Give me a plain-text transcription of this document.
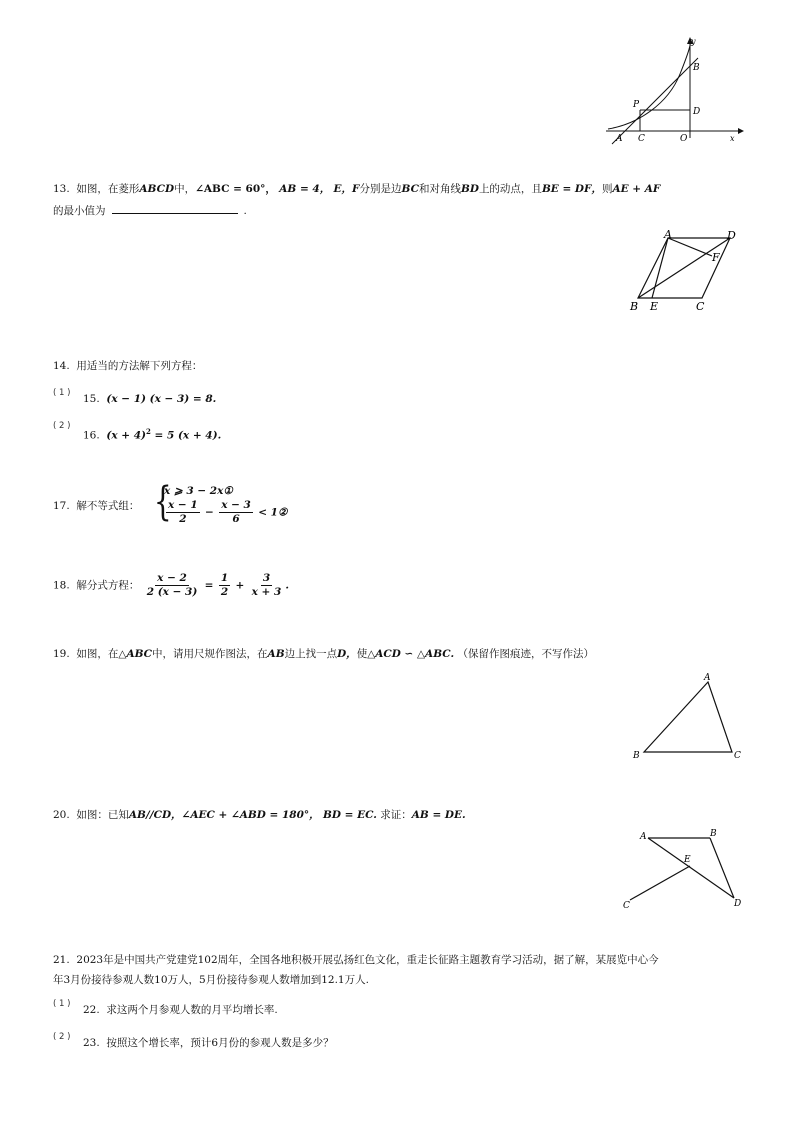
y
B
P
D
A C	O	x
13. 如图，在菱形ABCD中，∠ABC = 60°， AB = 4， E，F分别是边BC和对角线BD上的动点，且BE = DF，则AE + AF
的最小值为	.
A	D
F
B E	C
14. 用适当的方法解下列方程：
( 1 ) 15. (x − 1) (x − 3) = 8.
( 2 )
16. $(x + 4)^2 = 5$ (x + 4).
17. 解不等式组： {
x ⩾ 3 − 2x①
$\frac{x - 1}{2} - \frac{x - 3}{6}$ < 1②
18. 解分式方程： $\frac{x - 2}{2 (x - 3)} = \frac{1}{2} + \frac{3}{x + 3}$ .
19. 如图，在△ABC中，请用尺规作图法，在AB边上找一点D，使△ACD ∽ △ABC. （保留作图痕迹，不写作法）
A
B	C
20. 如图：已知AB//CD，∠AEC + ∠ABD = 180°， BD = EC. 求证：AB = DE.
A	B
E
C	D
21. 2023年是中国共产党建党102周年，全国各地积极开展弘扬红色文化，重走长征路主题教育学习活动，据了解，某展览中心今
年3月份接待参观人数10万人，5月份接待参观人数增加到12.1万人.
( 1 ) 22. 求这两个月参观人数的月平均增长率.
( 2 ) 23. 按照这个增长率，预计6月份的参观人数是多少？
